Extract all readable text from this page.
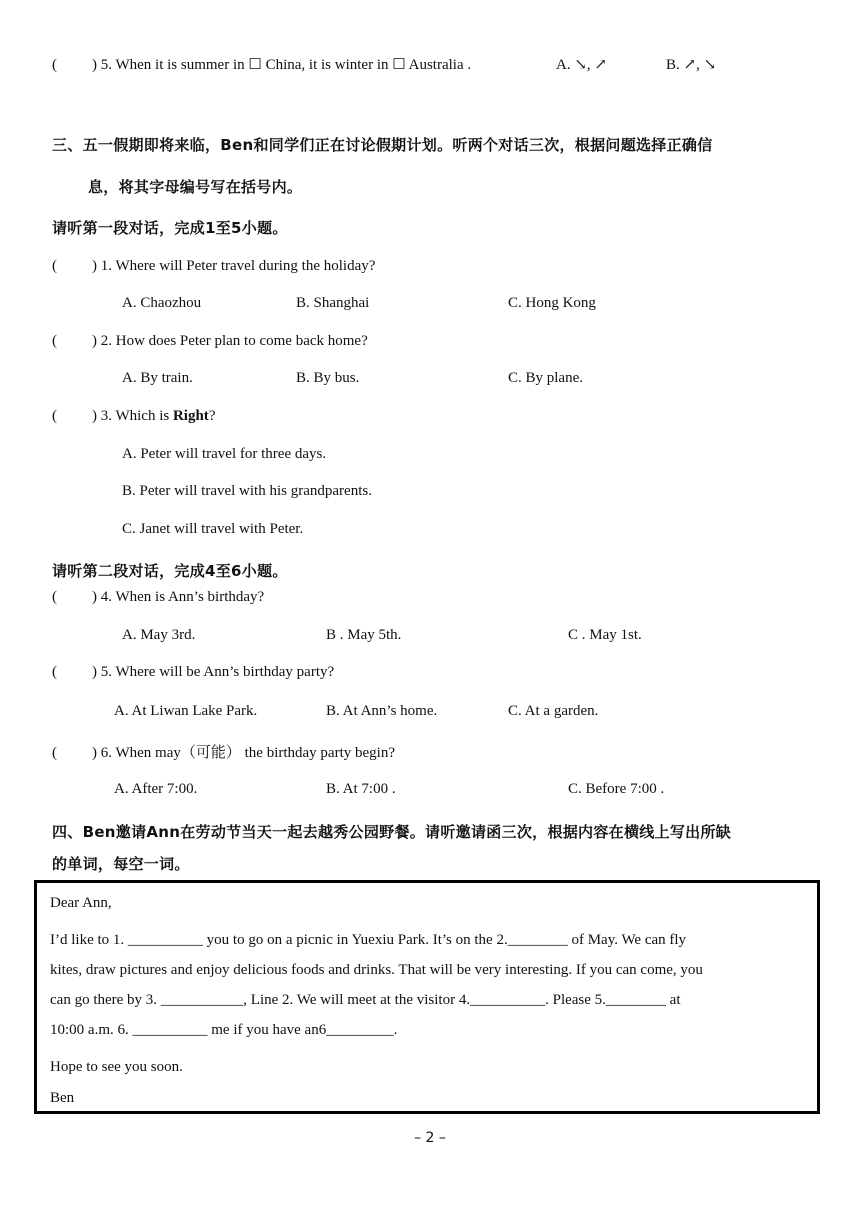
( ) 5. When it is summer in ☐ China, it is winter in ☐ Australia .	A. ↘, ↗	B. ↗, ↘
三、五一假期即将来临，Ben和同学们正在讨论假期计划。听两个对话三次，根据问题选择正确信
息，将其字母编号写在括号内。
请听第一段对话，完成1至5小题。
( ) 1. Where will Peter travel during the holiday?
A. Chaozhou	B. Shanghai	C. Hong Kong
( ) 2. How does Peter plan to come back home?
A. By train.	B. By bus.	C. By plane.
( ) 3. Which is Right?
A. Peter will travel for three days.
B. Peter will travel with his grandparents.
C. Janet will travel with Peter.
请听第二段对话，完成4至6小题。
( ) 4. When is Ann’s birthday?
A. May 3rd.	B . May 5th.	C . May 1st.
( ) 5. Where will be Ann’s birthday party?
A. At Liwan Lake Park.	B. At Ann’s home.	C. At a garden.
( ) 6. When may（可能） the birthday party begin?
A. After 7:00.	B. At 7:00 .	C. Before 7:00 .
四、Ben邀请Ann在劳动节当天一起去越秀公园野餐。请听邀请函三次，根据内容在横线上写出所缺
的单词，每空一词。
Dear Ann,
I’d like to 1. __________ you to go on a picnic in Yuexiu Park. It’s on the 2.________ of May. We can fly
kites, draw pictures and enjoy delicious foods and drinks. That will be very interesting. If you can come, you
can go there by 3. ___________, Line 2. We will meet at the visitor 4.__________. Please 5.________ at
10:00 a.m. 6. __________ me if you have an6_________.
Hope to see you soon.
Ben
– 2 –
